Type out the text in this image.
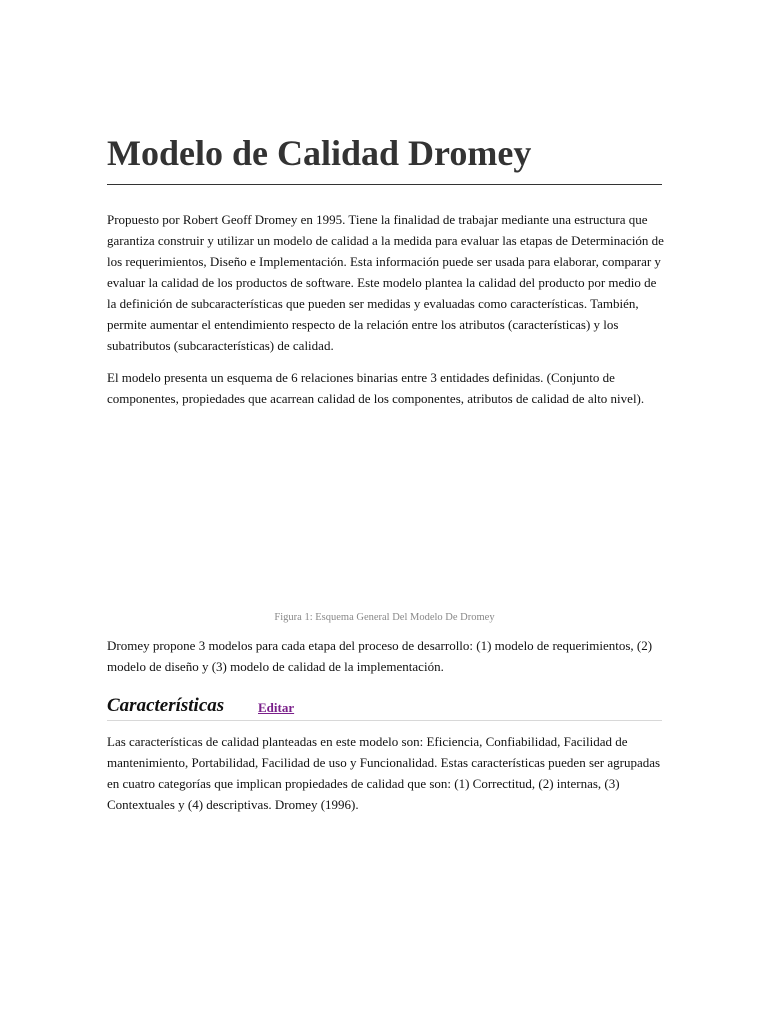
Modelo de Calidad Dromey

Propuesto por Robert Geoff Dromey en 1995. Tiene la finalidad de trabajar mediante una estructura que garantiza construir y utilizar un modelo de calidad a la medida para evaluar las etapas de Determinación de los requerimientos, Diseño e Implementación. Esta información puede ser usada para elaborar, comparar y evaluar la calidad de los productos de software. Este modelo plantea la calidad del producto por medio de la definición de subcaracterísticas que pueden ser medidas y evaluadas como características. También, permite aumentar el entendimiento respecto de la relación entre los atributos (características) y los subatributos (subcaracterísticas) de calidad.

El modelo presenta un esquema de 6 relaciones binarias entre 3 entidades definidas. (Conjunto de componentes, propiedades que acarrean calidad de los componentes, atributos de calidad de alto nivel).

Figura 1: Esquema General Del Modelo De Dromey

Dromey propone 3 modelos para cada etapa del proceso de desarrollo: (1) modelo de requerimientos, (2) modelo de diseño y (3) modelo de calidad de la implementación.

Características	Editar

Las características de calidad planteadas en este modelo son: Eficiencia, Confiabilidad, Facilidad de mantenimiento, Portabilidad, Facilidad de uso y Funcionalidad. Estas características pueden ser agrupadas en cuatro categorías que implican propiedades de calidad que son: (1) Correctitud, (2) internas, (3) Contextuales y (4) descriptivas. Dromey (1996).
